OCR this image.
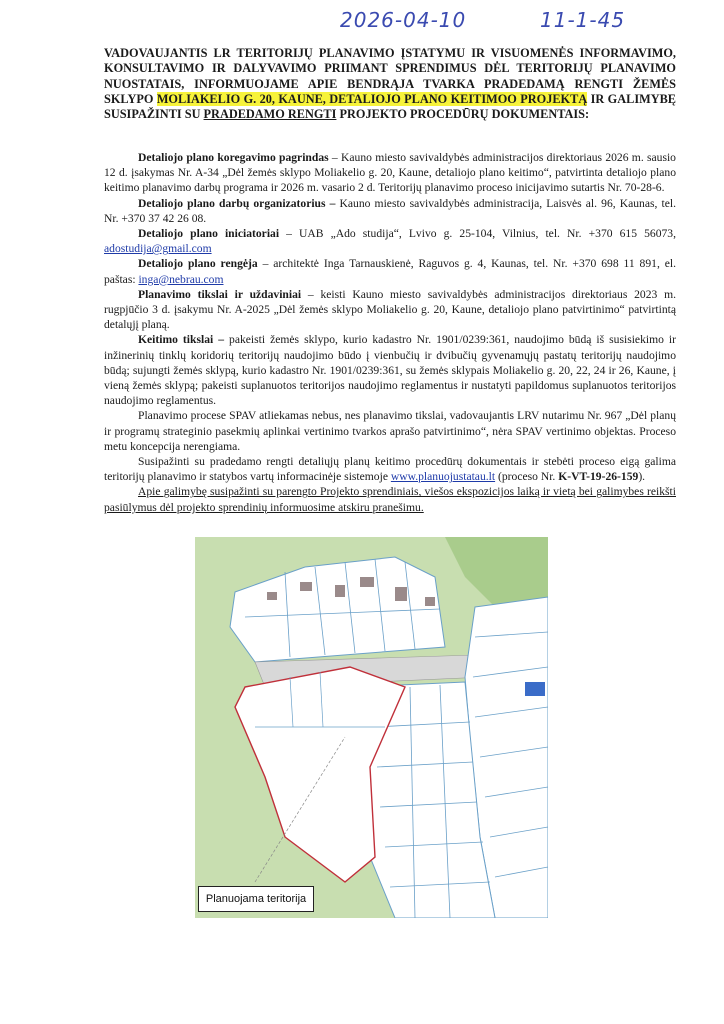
2026-04-10	11-1-45
VADOVAUJANTIS LR TERITORIJŲ PLANAVIMO ĮSTATYMU IR VISUOMENĖS INFORMAVIMO, KONSULTAVIMO IR DALYVAVIMO PRIIMANT SPRENDIMUS DĖL TERITORIJŲ PLANAVIMO NUOSTATAIS, INFORMUOJAME APIE BENDRĄJA TVARKA PRADEDAMĄ RENGTI ŽEMĖS SKLYPO MOLIAKELIO G. 20, KAUNE, DETALIOJO PLANO KEITIMOO PROJEKTĄ IR GALIMYBĘ SUSIPAŽINTI SU PRADEDAMO RENGTI PROJEKTO PROCEDŪRŲ DOKUMENTAIS:

Detaliojo plano koregavimo pagrindas – Kauno miesto savivaldybės administracijos direktoriaus 2026 m. sausio 12 d. įsakymas Nr. A-34 „Dėl žemės sklypo Moliakelio g. 20, Kaune, detaliojo plano keitimo“, patvirtinta detaliojo plano keitimo planavimo darbų programa ir 2026 m. vasario 2 d. Teritorijų planavimo proceso inicijavimo sutartis Nr. 70-28-6.

Detaliojo plano darbų organizatorius – Kauno miesto savivaldybės administracija, Laisvės al. 96, Kaunas, tel. Nr. +370 37 42 26 08.

Detaliojo plano iniciatoriai – UAB „Ado studija“, Lvivo g. 25-104, Vilnius, tel. Nr. +370 615 56073, adostudija@gmail.com

Detaliojo plano rengėja – architektė Inga Tarnauskienė, Raguvos g. 4, Kaunas, tel. Nr. +370 698 11 891, el. paštas: inga@nebrau.com

Planavimo tikslai ir uždaviniai – keisti Kauno miesto savivaldybės administracijos direktoriaus 2023 m. rugpjūčio 3 d. įsakymu Nr. A-2025 „Dėl žemės sklypo Moliakelio g. 20, Kaune, detaliojo plano patvirtinimo“ patvirtintą detalųjį planą.

Keitimo tikslai – pakeisti žemės sklypo, kurio kadastro Nr. 1901/0239:361, naudojimo būdą iš susisiekimo ir inžinerinių tinklų koridorių teritorijų naudojimo būdo į vienbučių ir dvibučių gyvenamųjų pastatų teritorijų naudojimo būdą; sujungti žemės sklypą, kurio kadastro Nr. 1901/0239:361, su žemės sklypais Moliakelio g. 20, 22, 24 ir 26, Kaune, į vieną žemės sklypą; pakeisti suplanuotos teritorijos naudojimo reglamentus ir nustatyti papildomus suplanuotos teritorijos naudojimo reglamentus.

Planavimo procese SPAV atliekamas nebus, nes planavimo tikslai, vadovaujantis LRV nutarimu Nr. 967 „Dėl planų ir programų strateginio pasekmių aplinkai vertinimo tvarkos aprašo patvirtinimo“, nėra SPAV vertinimo objektas. Proceso metu koncepcija nerengiama.

Susipažinti su pradedamo rengti detaliųjų planų keitimo procedūrų dokumentais ir stebėti proceso eigą galima teritorijų planavimo ir statybos vartų informacinėje sistemoje www.planuojustatau.lt (proceso Nr. K-VT-19-26-159).

Apie galimybę susipažinti su parengto Projekto sprendiniais, viešos ekspozicijos laiką ir vietą bei galimybes reikšti pasiūlymus dėl projekto sprendinių informuosime atskiru pranešimu.

Planuojama teritorija
